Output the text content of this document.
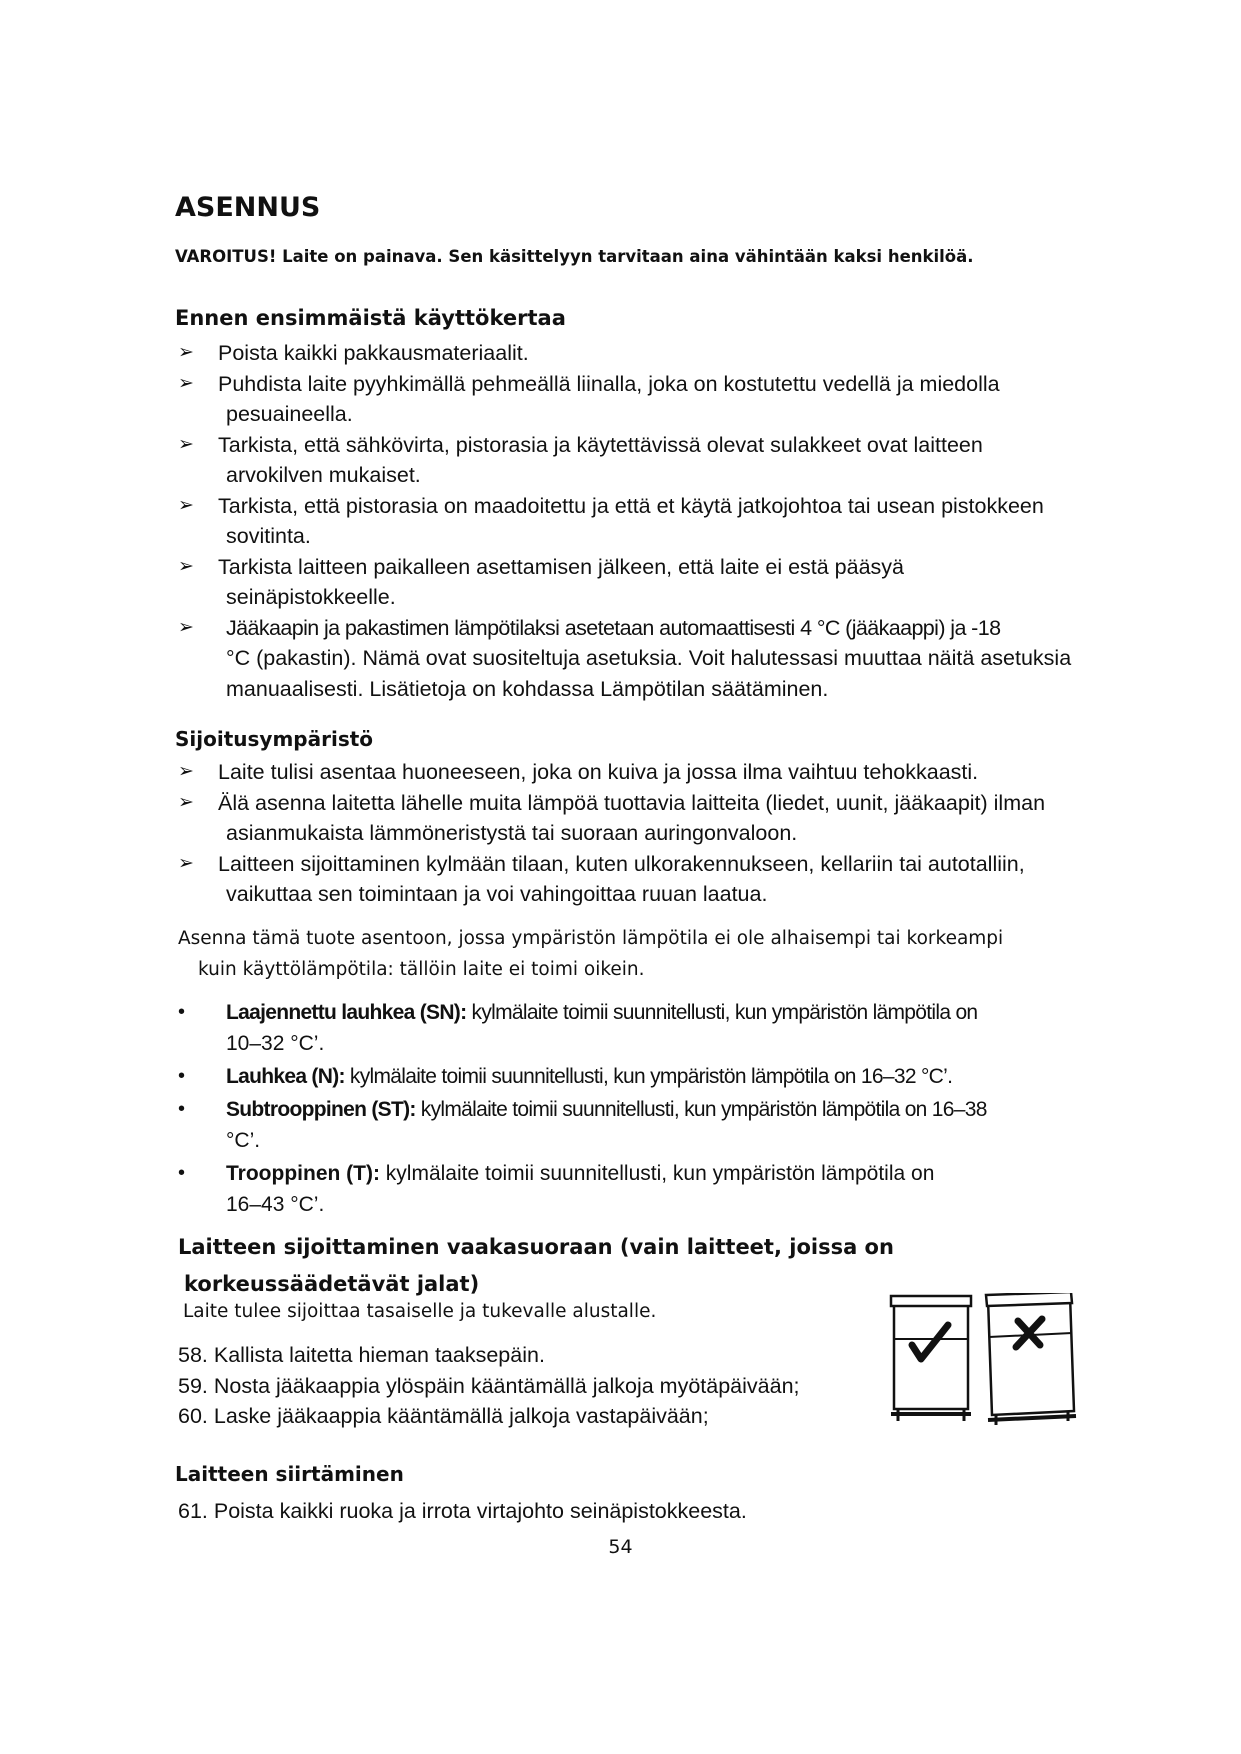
ASENNUS
VAROITUS! Laite on painava. Sen käsittelyyn tarvitaan aina vähintään kaksi henkilöä.
Ennen ensimmäistä käyttökertaa
➢	Poista kaikki pakkausmateriaalit.
➢	Puhdista laite pyyhkimällä pehmeällä liinalla, joka on kostutettu vedellä ja miedolla
pesuaineella.
➢	Tarkista, että sähkövirta, pistorasia ja käytettävissä olevat sulakkeet ovat laitteen
arvokilven mukaiset.
➢	Tarkista, että pistorasia on maadoitettu ja että et käytä jatkojohtoa tai usean pistokkeen
sovitinta.
➢	Tarkista laitteen paikalleen asettamisen jälkeen, että laite ei estä pääsyä
seinäpistokkeelle.
➢	Jääkaapin ja pakastimen lämpötilaksi asetetaan automaattisesti 4 °C (jääkaappi) ja -18
°C (pakastin). Nämä ovat suositeltuja asetuksia. Voit halutessasi muuttaa näitä asetuksia
manuaalisesti. Lisätietoja on kohdassa Lämpötilan säätäminen.
Sijoitusympäristö
➢	Laite tulisi asentaa huoneeseen, joka on kuiva ja jossa ilma vaihtuu tehokkaasti.
➢	Älä asenna laitetta lähelle muita lämpöä tuottavia laitteita (liedet, uunit, jääkaapit) ilman
asianmukaista lämmöneristystä tai suoraan auringonvaloon.
➢	Laitteen sijoittaminen kylmään tilaan, kuten ulkorakennukseen, kellariin tai autotalliin,
vaikuttaa sen toimintaan ja voi vahingoittaa ruuan laatua.
Asenna tämä tuote asentoon, jossa ympäristön lämpötila ei ole alhaisempi tai korkeampi
kuin käyttölämpötila: tällöin laite ei toimi oikein.
• Laajennettu lauhkea (SN): kylmälaite toimii suunnitellusti, kun ympäristön lämpötila on
10–32 °C’.
• Lauhkea (N): kylmälaite toimii suunnitellusti, kun ympäristön lämpötila on 16–32 °C’.
• Subtrooppinen (ST): kylmälaite toimii suunnitellusti, kun ympäristön lämpötila on 16–38
°C’.
• Trooppinen (T): kylmälaite toimii suunnitellusti, kun ympäristön lämpötila on
16–43 °C’.
Laitteen sijoittaminen vaakasuoraan (vain laitteet, joissa on
korkeussäädetävät jalat)
Laite tulee sijoittaa tasaiselle ja tukevalle alustalle.
58. Kallista laitetta hieman taaksepäin.
59. Nosta jääkaappia ylöspäin kääntämällä jalkoja myötäpäivään;
60. Laske jääkaappia kääntämällä jalkoja vastapäivään;
Laitteen siirtäminen
61. Poista kaikki ruoka ja irrota virtajohto seinäpistokkeesta.
54
